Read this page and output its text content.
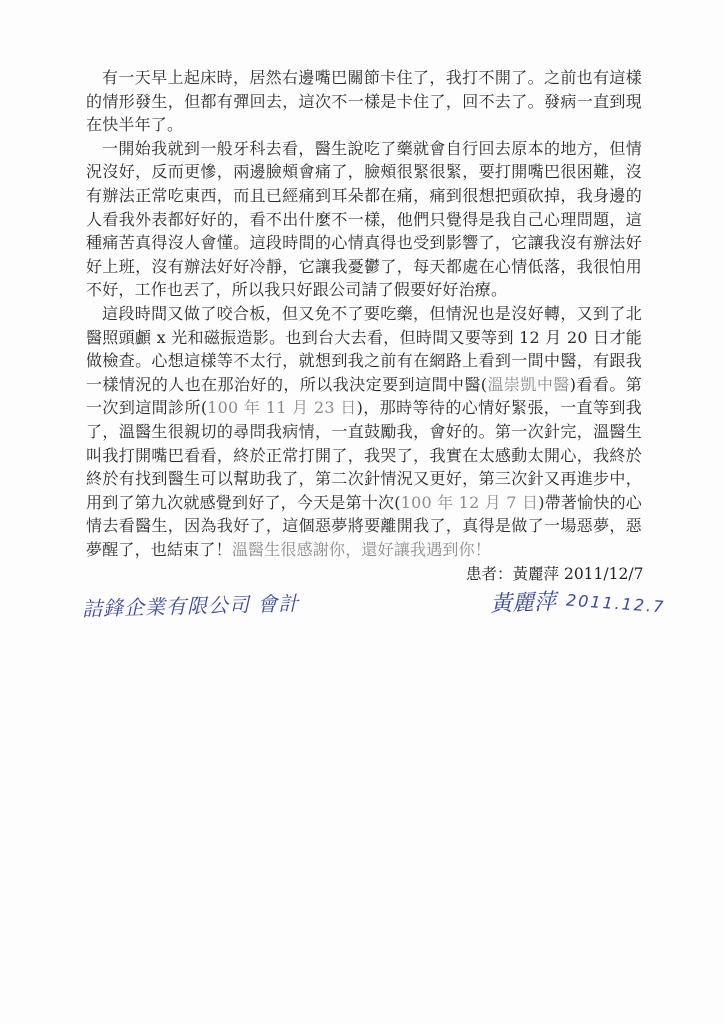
有一天早上起床時，居然右邊嘴巴關節卡住了，我打不開了。之前也有這樣的情形發生，但都有彈回去，這次不一樣是卡住了，回不去了。發病一直到現在快半年了。

一開始我就到一般牙科去看，醫生說吃了藥就會自行回去原本的地方，但情況沒好，反而更慘，兩邊臉頰會痛了，臉頰很緊很緊，要打開嘴巴很困難，沒有辦法正常吃東西，而且已經痛到耳朵都在痛，痛到很想把頭砍掉，我身邊的人看我外表都好好的，看不出什麼不一樣，他們只覺得是我自己心理問題，這種痛苦真得沒人會懂。這段時間的心情真得也受到影響了，它讓我沒有辦法好好上班，沒有辦法好好冷靜，它讓我憂鬱了，每天都處在心情低落，我很怕用不好，工作也丟了，所以我只好跟公司請了假要好好治療。

這段時間又做了咬合板，但又免不了要吃藥，但情況也是沒好轉，又到了北醫照頭顱 x 光和磁振造影。也到台大去看，但時間又要等到 12 月 20 日才能做檢查。心想這樣等不太行，就想到我之前有在網路上看到一間中醫，有跟我一樣情況的人也在那治好的，所以我決定要到這間中醫(溫崇凱中醫)看看。第一次到這間診所(100 年 11 月 23 日)，那時等待的心情好緊張，一直等到我了，溫醫生很親切的尋問我病情，一直鼓勵我，會好的。第一次針完，溫醫生叫我打開嘴巴看看，終於正常打開了，我哭了，我實在太感動太開心，我終於終於有找到醫生可以幫助我了，第二次針情況又更好，第三次針又再進步中，用到了第九次就感覺到好了，今天是第十次(100 年 12 月 7 日)帶著愉快的心情去看醫生，因為我好了，這個惡夢將要離開我了，真得是做了一場惡夢，惡夢醒了，也結束了！溫醫生很感謝你，還好讓我遇到你！

患者：黃麗萍 2011/12/7
詰鋒企業有限公司 會計	黃麗萍 2011.12.7
